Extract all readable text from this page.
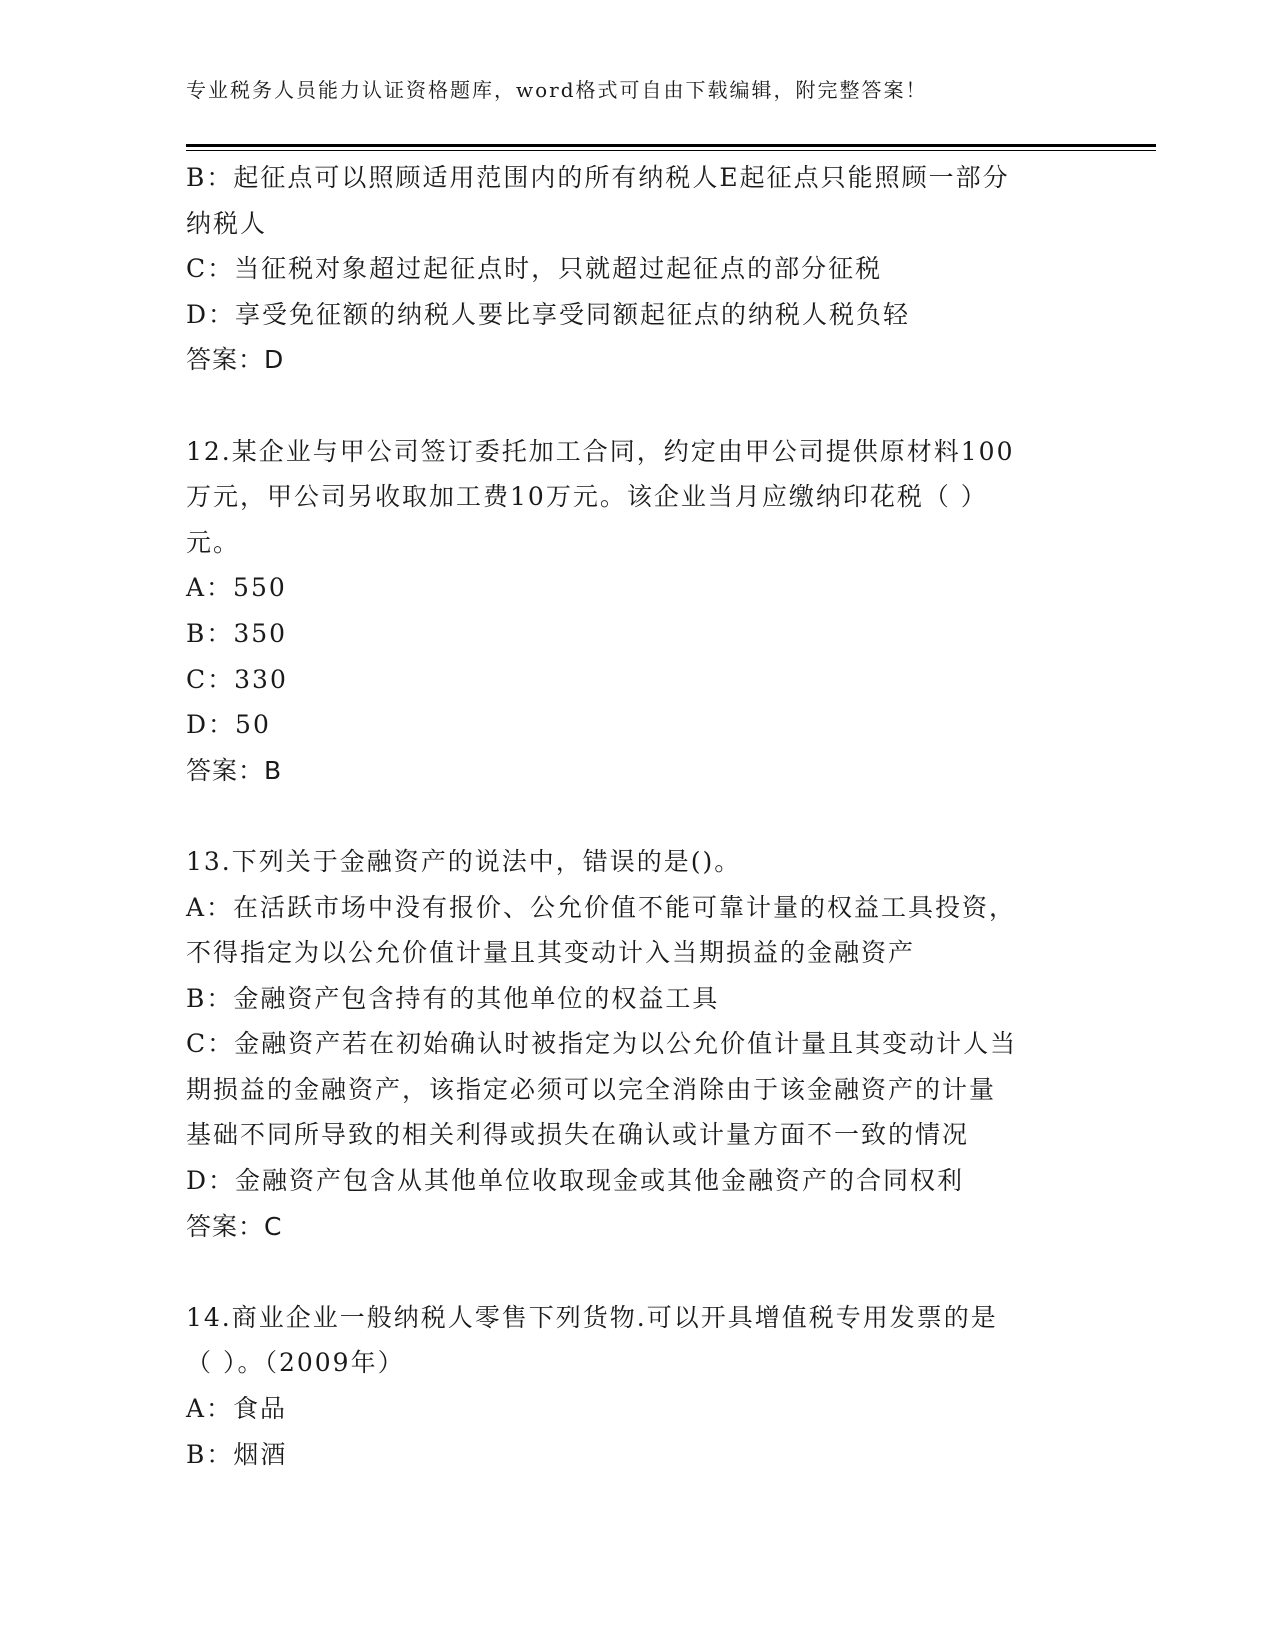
专业税务人员能力认证资格题库，word格式可自由下载编辑，附完整答案！
B：起征点可以照顾适用范围内的所有纳税人E起征点只能照顾一部分
纳税人
C：当征税对象超过起征点时，只就超过起征点的部分征税
D：享受免征额的纳税人要比享受同额起征点的纳税人税负轻
答案：D
12.某企业与甲公司签订委托加工合同，约定由甲公司提供原材料100
万元，甲公司另收取加工费10万元。该企业当月应缴纳印花税（ ）
元。
A：550
B：350
C：330
D：50
答案：B
13.下列关于金融资产的说法中，错误的是()。
A：在活跃市场中没有报价、公允价值不能可靠计量的权益工具投资，
不得指定为以公允价值计量且其变动计入当期损益的金融资产
B：金融资产包含持有的其他单位的权益工具
C：金融资产若在初始确认时被指定为以公允价值计量且其变动计人当
期损益的金融资产，该指定必须可以完全消除由于该金融资产的计量
基础不同所导致的相关利得或损失在确认或计量方面不一致的情况
D：金融资产包含从其他单位收取现金或其他金融资产的合同权利
答案：C
14.商业企业一般纳税人零售下列货物.可以开具增值税专用发票的是
（ ）。（2009年）
A：食品
B：烟酒
